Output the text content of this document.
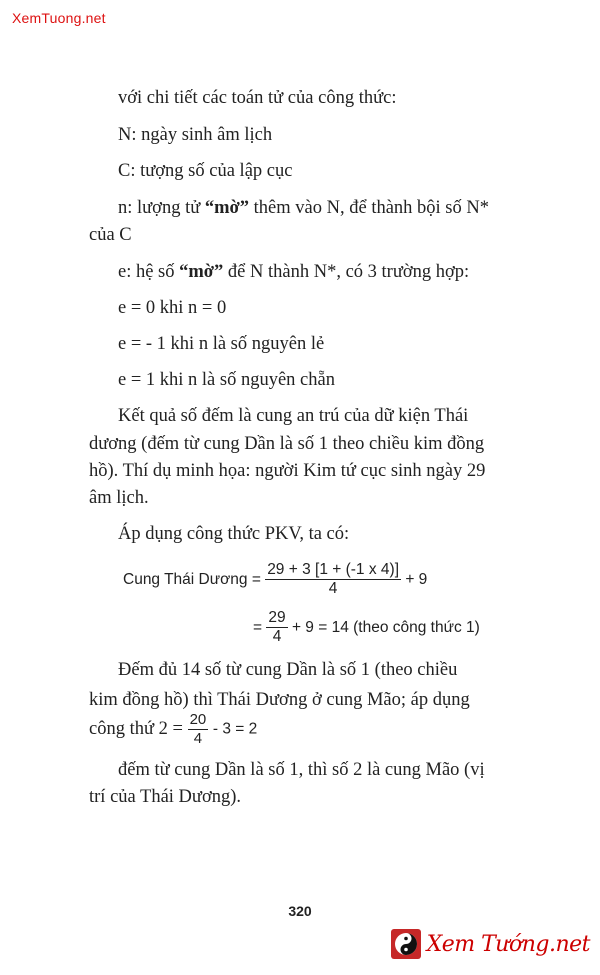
XemTuong.net
với chi tiết các toán tử của công thức:
N: ngày sinh âm lịch
C: tượng số của lập cục
n: lượng tử “mờ” thêm vào N, để thành bội số N*
của C
e: hệ số “mờ” để N thành N*, có 3 trường hợp:
e = 0 khi n = 0
e = - 1 khi n là số nguyên lẻ
e = 1 khi n là số nguyên chẵn
Kết quả số đếm là cung an trú của dữ kiện Thái
dương (đếm từ cung Dần là số 1 theo chiều kim đồng
hồ). Thí dụ minh họa: người Kim tứ cục sinh ngày 29
âm lịch.
Áp dụng công thức PKV, ta có:
Cung Thái Dương = $\frac{29 + 3 [1 + (-1 x 4)]}{4} + 9$
= $\frac{29}{4} + 9 = 14$ (theo công thức 1)
Đếm đủ 14 số từ cung Dần là số 1 (theo chiều
kim đồng hồ) thì Thái Dương ở cung Mão; áp dụng
công thứ $2 = \frac{20}{4} - 3 = 2$
đếm từ cung Dần là số 1, thì số 2 là cung Mão (vị
trí của Thái Dương).
320
Xem Tướng.net
